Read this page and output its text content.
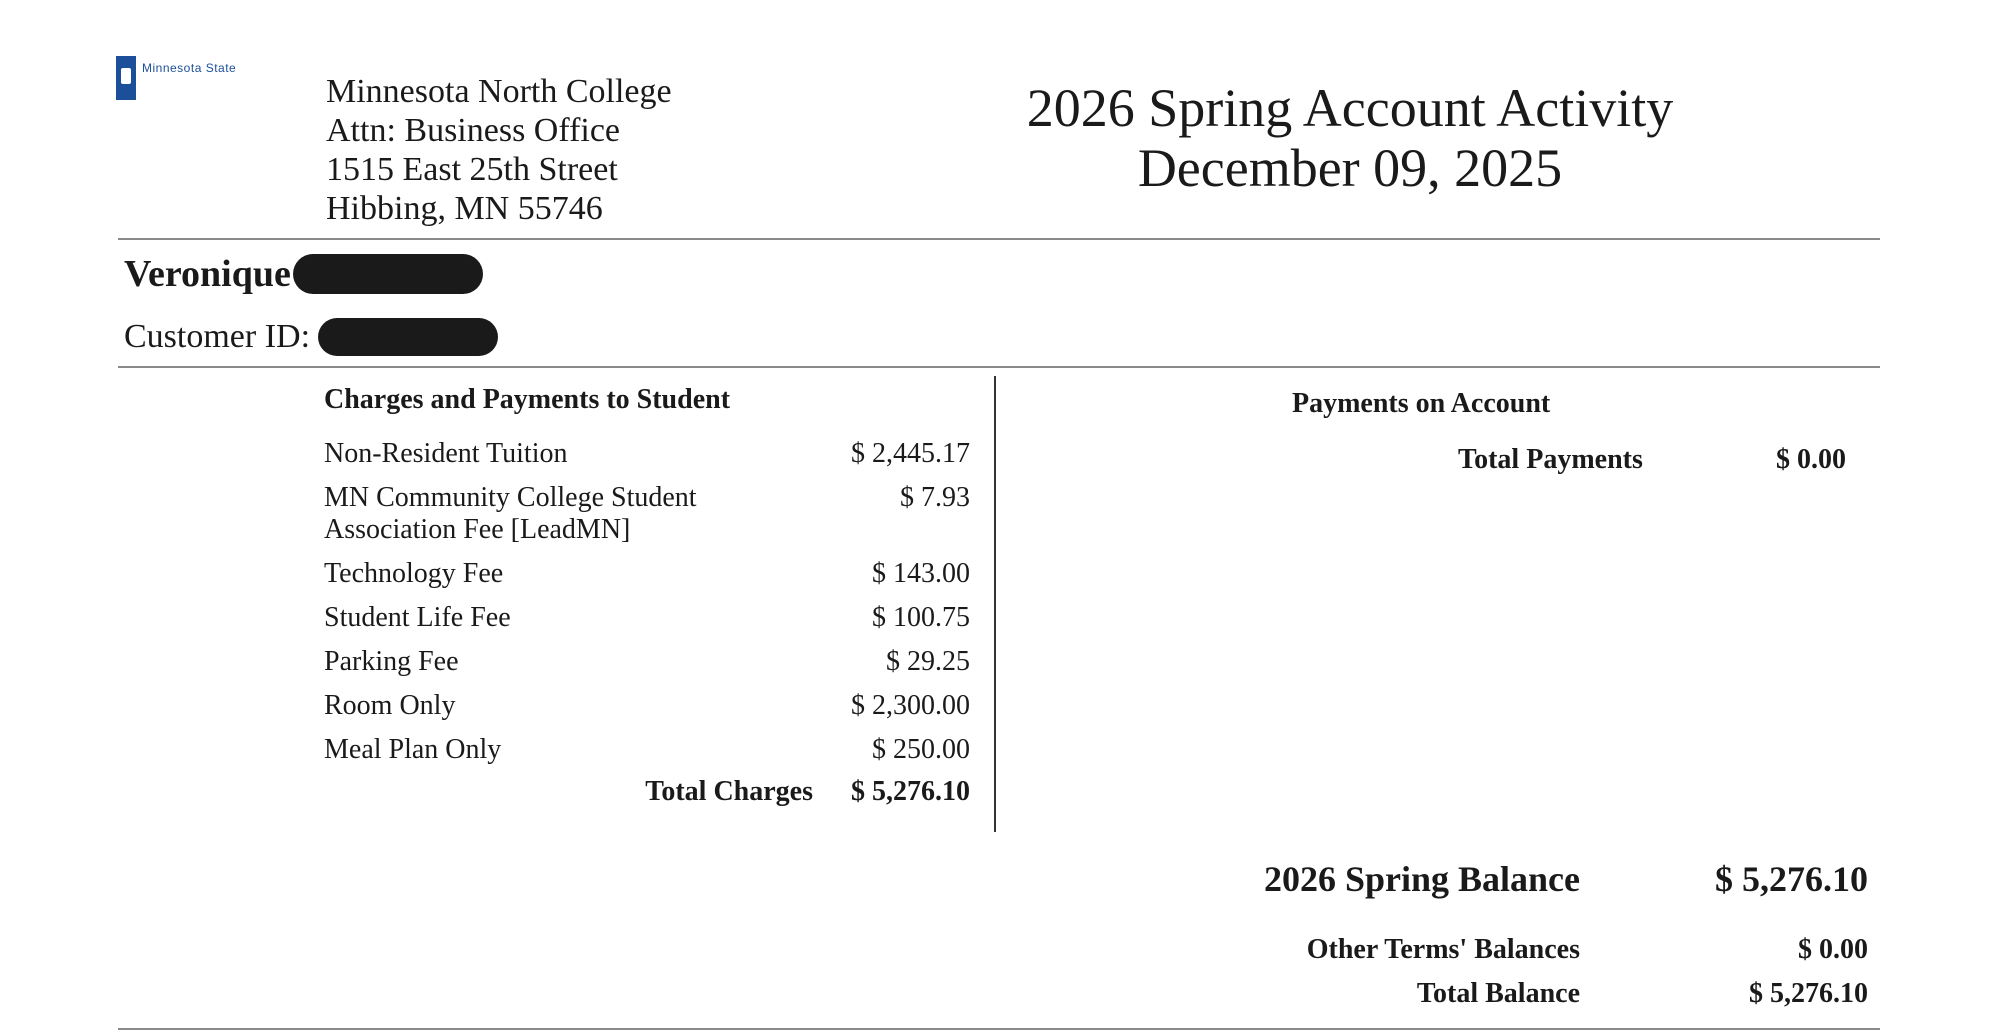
Minnesota State
Minnesota North College
Attn: Business Office
1515 East 25th Street
Hibbing, MN 55746
2026 Spring Account Activity
December 09, 2025
Veronique
Customer ID:
Charges and Payments to Student
Non-Resident Tuition	$ 2,445.17
MN Community College Student Association Fee [LeadMN]
$ 7.93
Technology Fee	$ 143.00
Student Life Fee	$ 100.75
Parking Fee	$ 29.25
Room Only	$ 2,300.00
Meal Plan Only	$ 250.00
Total Charges $ 5,276.10
Payments on Account
Total Payments	$ 0.00
2026 Spring Balance	$ 5,276.10
Other Terms' Balances	$ 0.00
Total Balance	$ 5,276.10
